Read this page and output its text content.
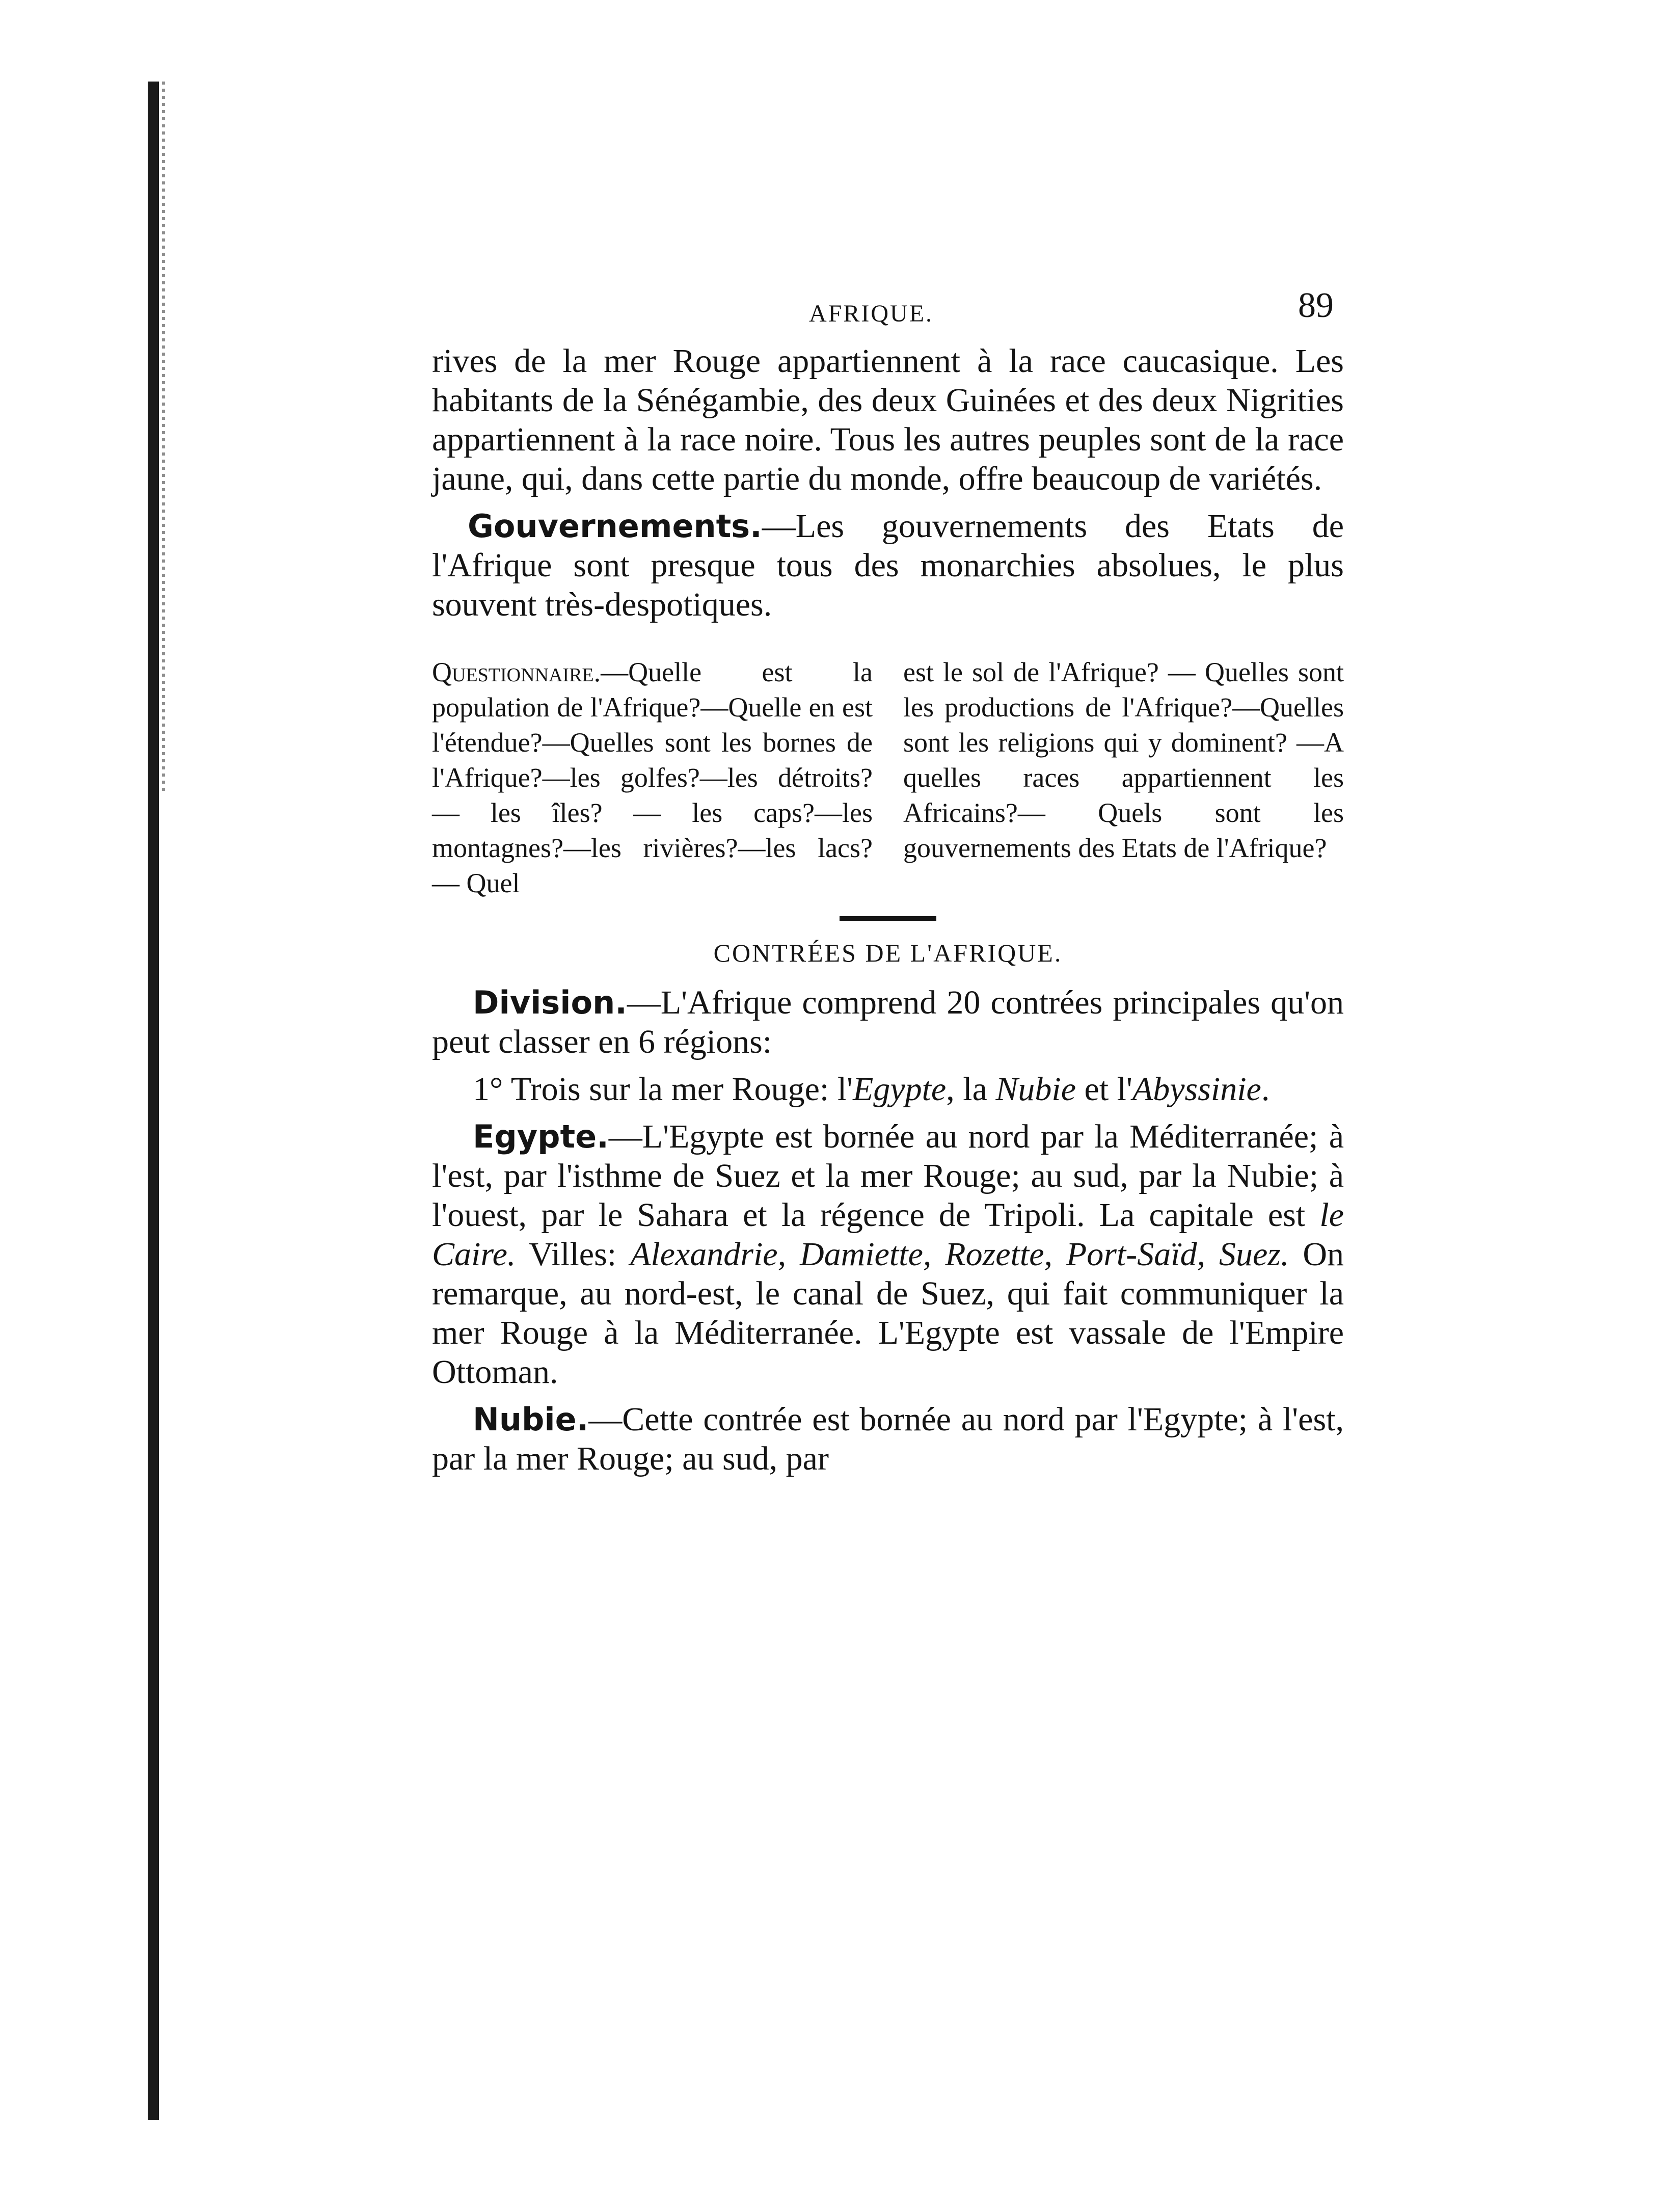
AFRIQUE.	89

rives de la mer Rouge appartiennent à la race caucasique. Les habitants de la Sénégambie, des deux Guinées et des deux Nigrities appartiennent à la race noire. Tous les autres peuples sont de la race jaune, qui, dans cette partie du monde, offre beaucoup de variétés.

Gouvernements.—Les gouvernements des Etats de l'Afrique sont presque tous des monarchies absolues, le plus souvent très-despotiques.

Questionnaire.—Quelle est la population de l'Afrique?—Quelle en est l'étendue?—Quelles sont les bornes de l'Afrique?—les golfes?—les détroits? — les îles? — les caps?—les montagnes?—les rivières?—les lacs? — Quel
est le sol de l'Afrique? — Quelles sont les productions de l'Afrique?—Quelles sont les religions qui y dominent? —A quelles races appartiennent les Africains?— Quels sont les gouvernements des Etats de l'Afrique?
CONTRÉES DE L'AFRIQUE.

Division.—L'Afrique comprend 20 contrées principales qu'on peut classer en 6 régions:

1° Trois sur la mer Rouge: l'Egypte, la Nubie et l'Abyssinie.

Egypte.—L'Egypte est bornée au nord par la Méditerranée; à l'est, par l'isthme de Suez et la mer Rouge; au sud, par la Nubie; à l'ouest, par le Sahara et la régence de Tripoli. La capitale est le Caire. Villes: Alexandrie, Damiette, Rozette, Port-Saïd, Suez. On remarque, au nord-est, le canal de Suez, qui fait communiquer la mer Rouge à la Méditerranée. L'Egypte est vassale de l'Empire Ottoman.

Nubie.—Cette contrée est bornée au nord par l'Egypte; à l'est, par la mer Rouge; au sud, par
